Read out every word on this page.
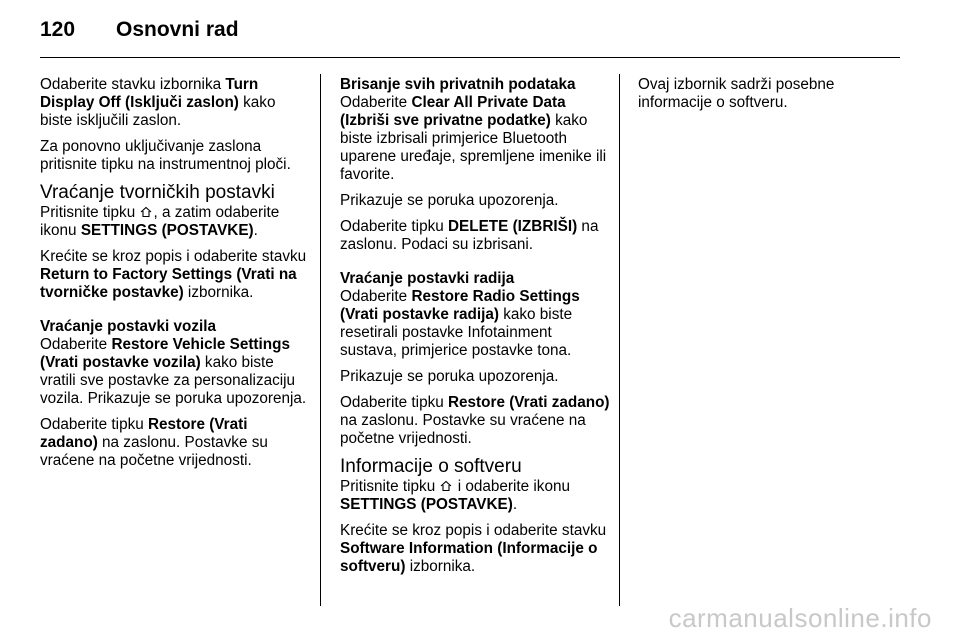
120 Osnovni rad

Odaberite stavku izbornika Turn Display Off (Isključi zaslon) kako biste isključili zaslon.

Za ponovno uključivanje zaslona pritisnite tipku na instrumentnoj ploči.

Vraćanje tvorničkih postavki

Pritisnite tipku , a zatim odaberite ikonu SETTINGS (POSTAVKE).

Krećite se kroz popis i odaberite stavku Return to Factory Settings (Vrati na tvorničke postavke) izbornika.

Vraćanje postavki vozila

Odaberite Restore Vehicle Settings (Vrati postavke vozila) kako biste vratili sve postavke za personalizaciju vozila. Prikazuje se poruka upozorenja.

Odaberite tipku Restore (Vrati zadano) na zaslonu. Postavke su vraćene na početne vrijednosti.

Brisanje svih privatnih podataka

Odaberite Clear All Private Data (Izbriši sve privatne podatke) kako biste izbrisali primjerice Bluetooth uparene uređaje, spremljene imenike ili favorite.

Prikazuje se poruka upozorenja.

Odaberite tipku DELETE (IZBRIŠI) na zaslonu. Podaci su izbrisani.

Vraćanje postavki radija

Odaberite Restore Radio Settings (Vrati postavke radija) kako biste resetirali postavke Infotainment sustava, primjerice postavke tona.

Prikazuje se poruka upozorenja.

Odaberite tipku Restore (Vrati zadano) na zaslonu. Postavke su vraćene na početne vrijednosti.

Informacije o softveru

Pritisnite tipku  i odaberite ikonu SETTINGS (POSTAVKE).

Krećite se kroz popis i odaberite stavku Software Information (Informacije o softveru) izbornika.

Ovaj izbornik sadrži posebne informacije o softveru.

carmanualsonline.info
